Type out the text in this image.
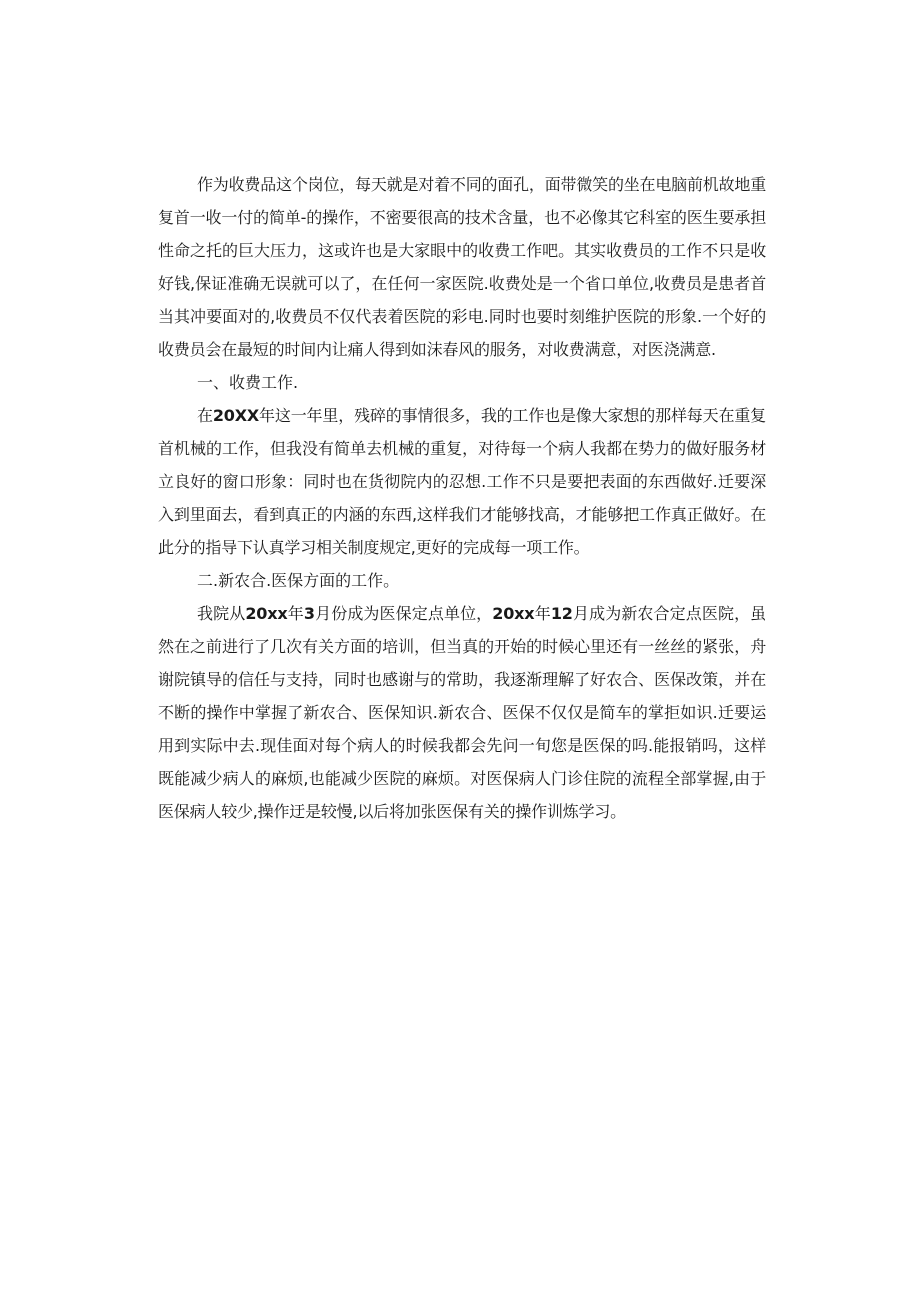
作为收费品这个岗位，每天就是对着不同的面孔，面带微笑的坐在电脑前机故地重复首一收一付的简单-的操作，不密要很高的技术含量，也不必像其它科室的医生要承担性命之托的巨大压力，这或许也是大家眼中的收费工作吧。其实收费员的工作不只是收好钱,保证准确无误就可以了，在任何一家医院.收费处是一个省口单位,收费员是患者首当其冲要面对的,收费员不仅代表着医院的彩电.同时也要时刻维护医院的形象.一个好的收费员会在最短的时间内让痛人得到如沫春风的服务，对收费满意，对医浇满意.

一、收费工作.

在20XX年这一年里，残碎的事情很多，我的工作也是像大家想的那样每天在重复首机械的工作，但我没有简单去机械的重复，对待每一个病人我都在势力的做好服务材立良好的窗口形象：同时也在货彻院内的忍想.工作不只是要把表面的东西做好.迁要深入到里面去，看到真正的内涵的东西,这样我们才能够找高，才能够把工作真正做好。在此分的指导下认真学习相关制度规定,更好的完成每一项工作。

二.新农合.医保方面的工作。

我院从20xx年3月份成为医保定点单位，20xx年12月成为新农合定点医院，虽然在之前进行了几次有关方面的培训，但当真的开始的时候心里还有一丝丝的紧张，舟谢院镇导的信任与支持，同时也感谢与的常助，我逐渐理解了好农合、医保改策，并在不断的操作中掌握了新农合、医保知识.新农合、医保不仅仅是简车的掌拒如识.迁要运用到实际中去.现佳面对每个病人的时候我都会先问一旬您是医保的吗.能报销吗，这样既能减少病人的麻烦,也能减少医院的麻烦。对医保病人门诊住院的流程全部掌握,由于医保病人较少,操作迂是较慢,以后将加张医保有关的操作训炼学习。
